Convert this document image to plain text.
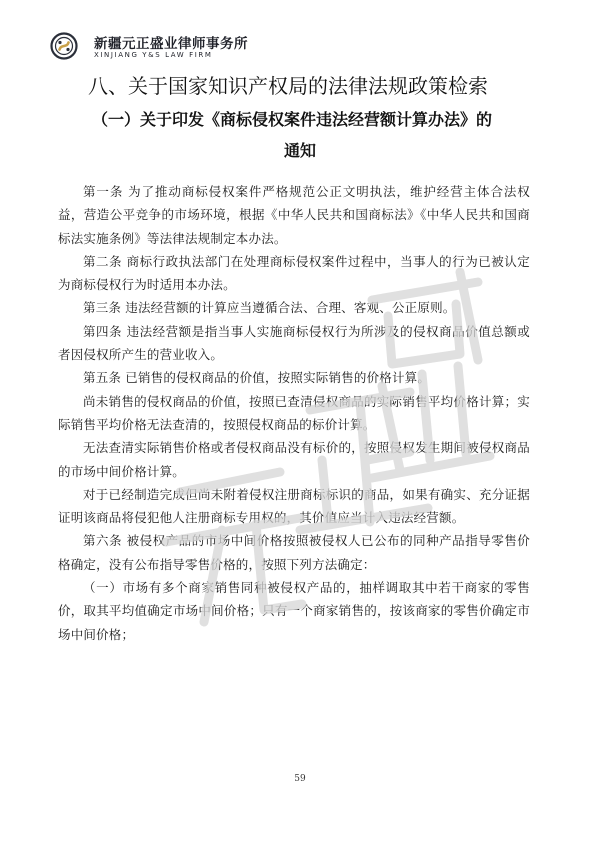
新疆元正盛业律师事务所
XINJIANG Y&S LAW FIRM
八、关于国家知识产权局的法律法规政策检索
（一）关于印发《商标侵权案件违法经营额计算办法》的
通知

第一条 为了推动商标侵权案件严格规范公正文明执法，维护经营主体合法权益，营造公平竞争的市场环境，根据《中华人民共和国商标法》《中华人民共和国商标法实施条例》等法律法规制定本办法。

第二条 商标行政执法部门在处理商标侵权案件过程中，当事人的行为已被认定为商标侵权行为时适用本办法。

第三条 违法经营额的计算应当遵循合法、合理、客观、公正原则。

第四条 违法经营额是指当事人实施商标侵权行为所涉及的侵权商品价值总额或者因侵权所产生的营业收入。

第五条 已销售的侵权商品的价值，按照实际销售的价格计算。

尚未销售的侵权商品的价值，按照已查清侵权商品的实际销售平均价格计算；实际销售平均价格无法查清的，按照侵权商品的标价计算。

无法查清实际销售价格或者侵权商品没有标价的，按照侵权发生期间被侵权商品的市场中间价格计算。

对于已经制造完成但尚未附着侵权注册商标标识的商品，如果有确实、充分证据证明该商品将侵犯他人注册商标专用权的，其价值应当计入违法经营额。

第六条 被侵权产品的市场中间价格按照被侵权人已公布的同种产品指导零售价格确定，没有公布指导零售价格的，按照下列方法确定：

（一）市场有多个商家销售同种被侵权产品的，抽样调取其中若干商家的零售价，取其平均值确定市场中间价格；只有一个商家销售的，按该商家的零售价确定市场中间价格；

59
